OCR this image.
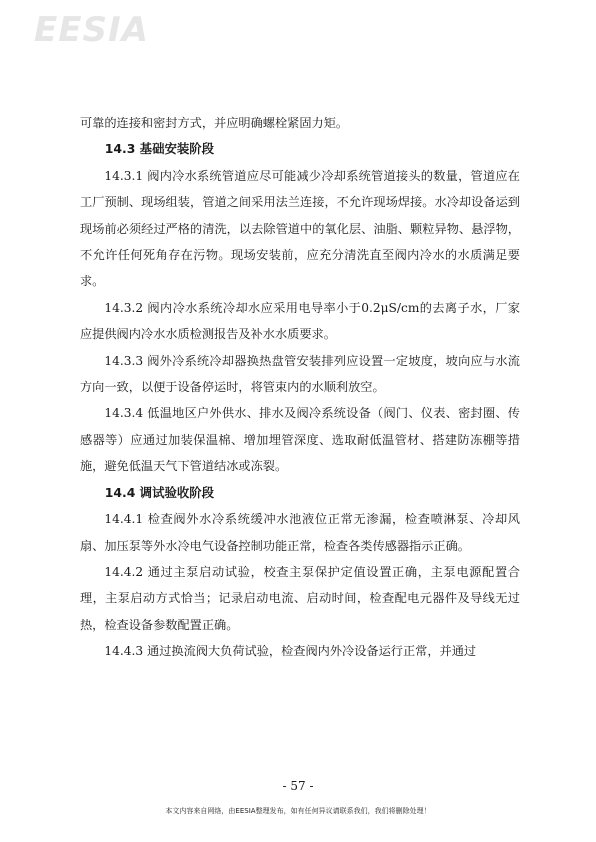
EESIA

可靠的连接和密封方式，并应明确螺栓紧固力矩。

14.3 基础安装阶段

14.3.1 阀内冷水系统管道应尽可能减少冷却系统管道接头的数量，管道应在工厂预制、现场组装，管道之间采用法兰连接，不允许现场焊接。水冷却设备运到现场前必须经过严格的清洗，以去除管道中的氧化层、油脂、颗粒异物、悬浮物，不允许任何死角存在污物。现场安装前，应充分清洗直至阀内冷水的水质满足要求。

14.3.2 阀内冷水系统冷却水应采用电导率小于0.2μS/cm的去离子水，厂家应提供阀内冷水水质检测报告及补水水质要求。

14.3.3 阀外冷系统冷却器换热盘管安装排列应设置一定坡度，坡向应与水流方向一致，以便于设备停运时，将管束内的水顺利放空。

14.3.4 低温地区户外供水、排水及阀冷系统设备（阀门、仪表、密封圈、传感器等）应通过加装保温棉、增加埋管深度、选取耐低温管材、搭建防冻棚等措施，避免低温天气下管道结冰或冻裂。

14.4 调试验收阶段

14.4.1 检查阀外水冷系统缓冲水池液位正常无渗漏，检查喷淋泵、冷却风扇、加压泵等外水冷电气设备控制功能正常，检查各类传感器指示正确。

14.4.2 通过主泵启动试验，校查主泵保护定值设置正确，主泵电源配置合理，主泵启动方式恰当；记录启动电流、启动时间，检查配电元器件及导线无过热，检查设备参数配置正确。

14.4.3 通过换流阀大负荷试验，检查阀内外冷设备运行正常，并通过

- 57 -
本文内容来自网络，由EESIA整理发布，如有任何异议请联系我们，我们将删除处理！
